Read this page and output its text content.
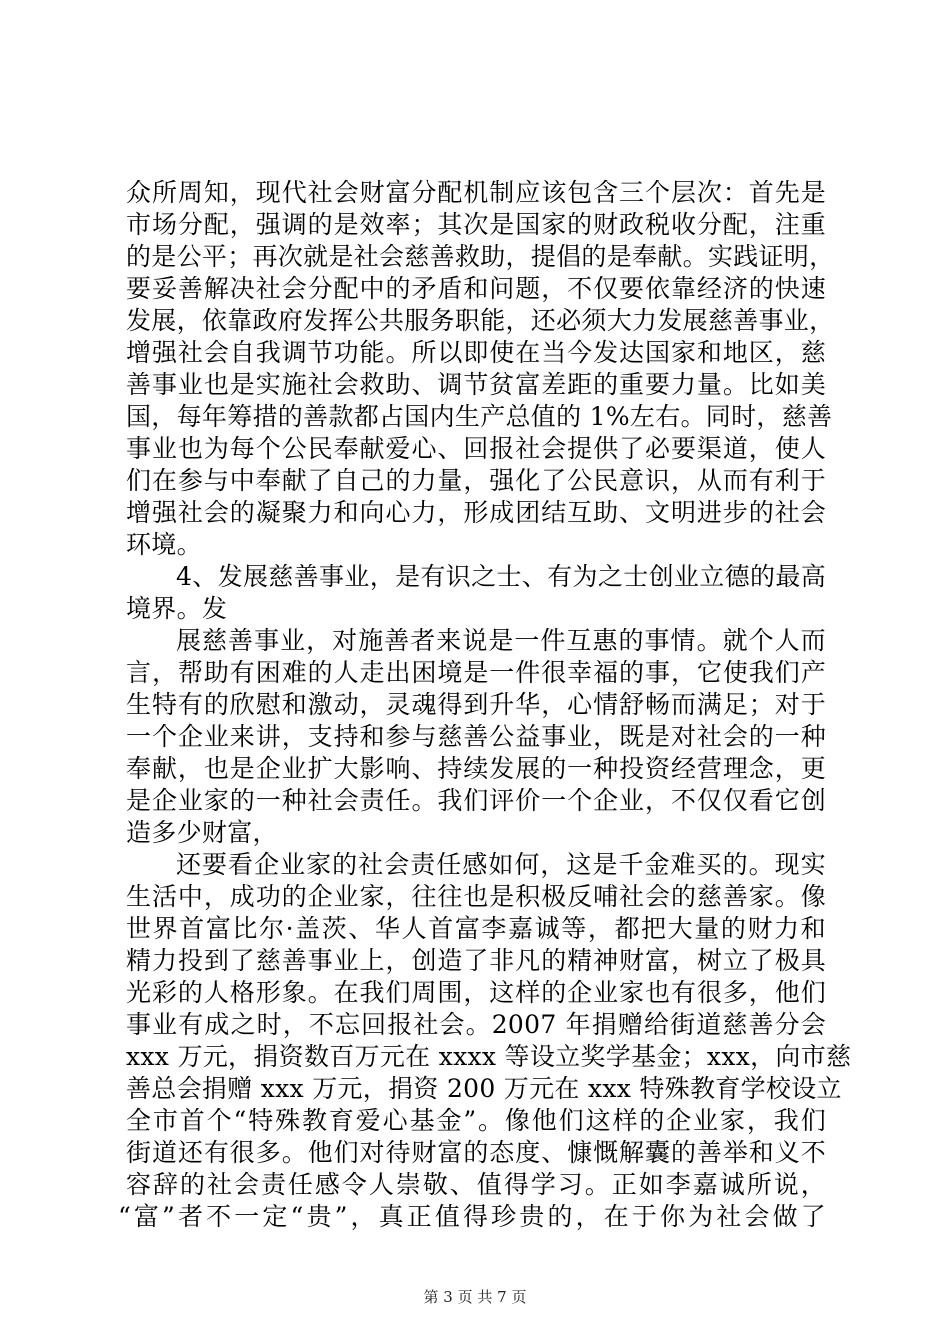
众所周知，现代社会财富分配机制应该包含三个层次：首先是
市场分配，强调的是效率；其次是国家的财政税收分配，注重
的是公平；再次就是社会慈善救助，提倡的是奉献。实践证明，
要妥善解决社会分配中的矛盾和问题，不仅要依靠经济的快速
发展，依靠政府发挥公共服务职能，还必须大力发展慈善事业，
增强社会自我调节功能。所以即使在当今发达国家和地区，慈
善事业也是实施社会救助、调节贫富差距的重要力量。比如美
国，每年筹措的善款都占国内生产总值的 1%左右。同时，慈善
事业也为每个公民奉献爱心、回报社会提供了必要渠道，使人
们在参与中奉献了自己的力量，强化了公民意识，从而有利于
增强社会的凝聚力和向心力，形成团结互助、文明进步的社会
环境。
4、发展慈善事业，是有识之士、有为之士创业立德的最高
境界。发
展慈善事业，对施善者来说是一件互惠的事情。就个人而
言，帮助有困难的人走出困境是一件很幸福的事，它使我们产
生特有的欣慰和激动，灵魂得到升华，心情舒畅而满足；对于
一个企业来讲，支持和参与慈善公益事业，既是对社会的一种
奉献，也是企业扩大影响、持续发展的一种投资经营理念，更
是企业家的一种社会责任。我们评价一个企业，不仅仅看它创
造多少财富，
还要看企业家的社会责任感如何，这是千金难买的。现实
生活中，成功的企业家，往往也是积极反哺社会的慈善家。像
世界首富比尔·盖茨、华人首富李嘉诚等，都把大量的财力和
精力投到了慈善事业上，创造了非凡的精神财富，树立了极具
光彩的人格形象。在我们周围，这样的企业家也有很多，他们
事业有成之时，不忘回报社会。2007 年捐赠给街道慈善分会
xxx 万元，捐资数百万元在 xxxx 等设立奖学基金；xxx，向市慈
善总会捐赠 xxx 万元，捐资 200 万元在 xxx 特殊教育学校设立
全市首个“特殊教育爱心基金”。像他们这样的企业家，我们
街道还有很多。他们对待财富的态度、慷慨解囊的善举和义不
容辞的社会责任感令人崇敬、值得学习。正如李嘉诚所说，
“富”者不一定“贵”，真正值得珍贵的，在于你为社会做了
第 3 页 共 7 页
